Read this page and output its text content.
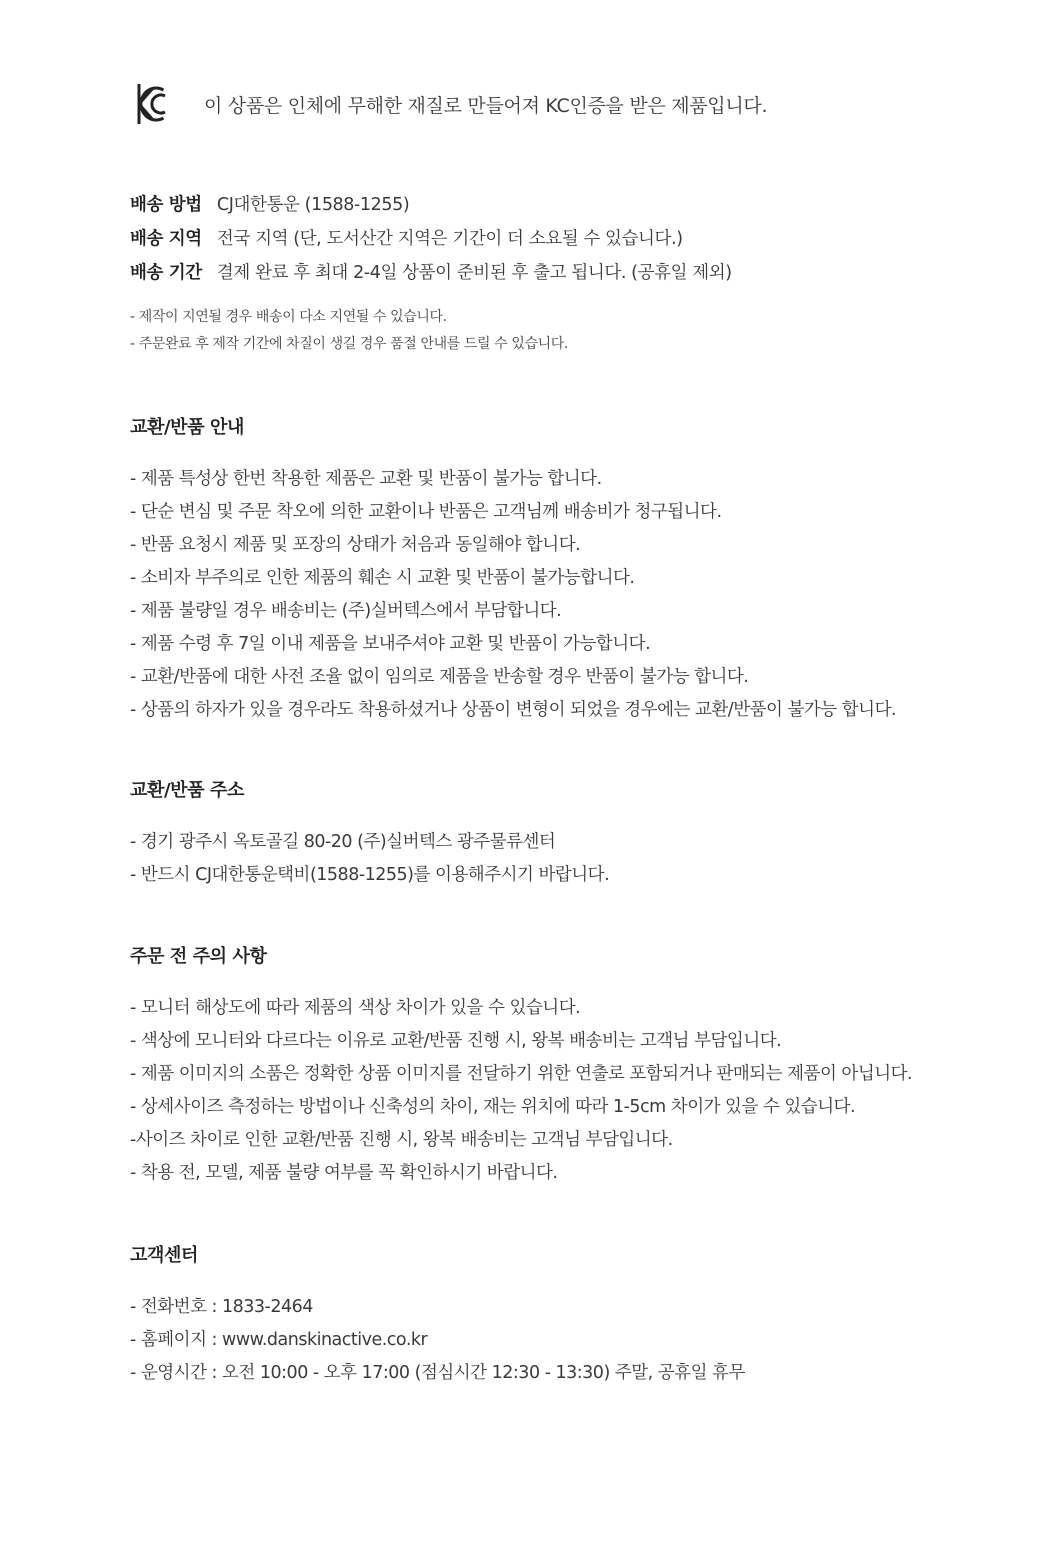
이 상품은 인체에 무해한 재질로 만들어져 KC인증을 받은 제품입니다.
배송 방법 CJ대한통운 (1588-1255)
배송 지역 전국 지역 (단, 도서산간 지역은 기간이 더 소요될 수 있습니다.)
배송 기간 결제 완료 후 최대 2-4일 상품이 준비된 후 출고 됩니다. (공휴일 제외)
- 제작이 지연될 경우 배송이 다소 지연될 수 있습니다.
- 주문완료 후 제작 기간에 차질이 생길 경우 품절 안내를 드릴 수 있습니다.
교환/반품 안내
- 제품 특성상 한번 착용한 제품은 교환 및 반품이 불가능 합니다.
- 단순 변심 및 주문 착오에 의한 교환이나 반품은 고객님께 배송비가 청구됩니다.
- 반품 요청시 제품 및 포장의 상태가 처음과 동일해야 합니다.
- 소비자 부주의로 인한 제품의 훼손 시 교환 및 반품이 불가능합니다.
- 제품 불량일 경우 배송비는 (주)실버텍스에서 부담합니다.
- 제품 수령 후 7일 이내 제품을 보내주셔야 교환 및 반품이 가능합니다.
- 교환/반품에 대한 사전 조율 없이 임의로 제품을 반송할 경우 반품이 불가능 합니다.
- 상품의 하자가 있을 경우라도 착용하셨거나 상품이 변형이 되었을 경우에는 교환/반품이 불가능 합니다.
교환/반품 주소
- 경기 광주시 옥토골길 80-20 (주)실버텍스 광주물류센터
- 반드시 CJ대한통운택비(1588-1255)를 이용해주시기 바랍니다.
주문 전 주의 사항
- 모니터 해상도에 따라 제품의 색상 차이가 있을 수 있습니다.
- 색상에 모니터와 다르다는 이유로 교환/반품 진행 시, 왕복 배송비는 고객님 부담입니다.
- 제품 이미지의 소품은 정확한 상품 이미지를 전달하기 위한 연출로 포함되거나 판매되는 제품이 아닙니다.
- 상세사이즈 측정하는 방법이나 신축성의 차이, 재는 위치에 따라 1-5cm 차이가 있을 수 있습니다.
-사이즈 차이로 인한 교환/반품 진행 시, 왕복 배송비는 고객님 부담입니다.
- 착용 전, 모델, 제품 불량 여부를 꼭 확인하시기 바랍니다.
고객센터
- 전화번호 : 1833-2464
- 홈페이지 : www.danskinactive.co.kr
- 운영시간 : 오전 10:00 - 오후 17:00 (점심시간 12:30 - 13:30) 주말, 공휴일 휴무
